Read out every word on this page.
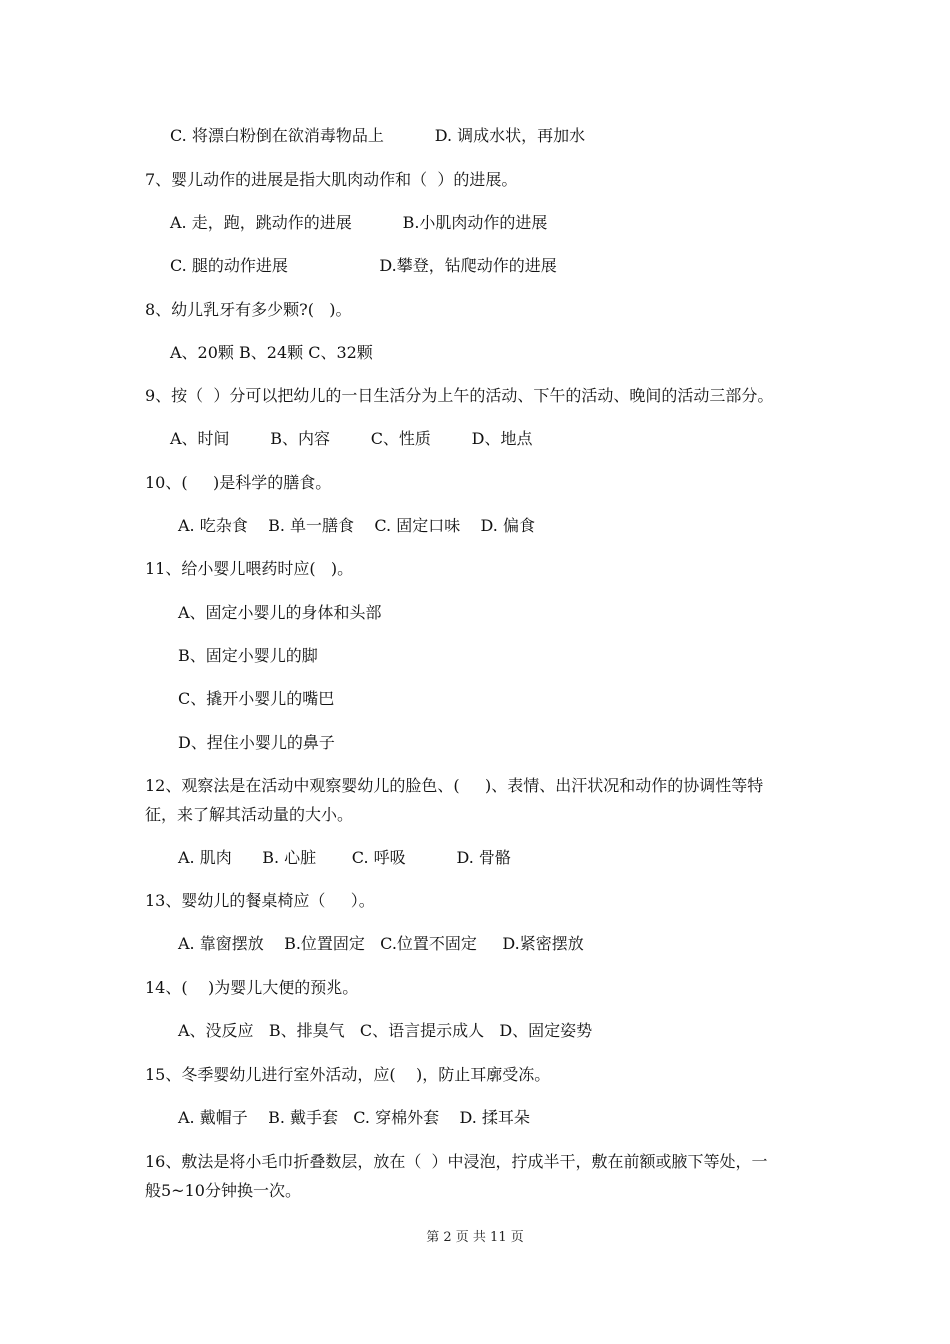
C. 将漂白粉倒在欲消毒物品上          D. 调成水状，再加水
7、婴儿动作的进展是指大肌肉动作和（  ）的进展。
A. 走，跑，跳动作的进展          B.小肌肉动作的进展
C. 腿的动作进展                  D.攀登，钻爬动作的进展
8、幼儿乳牙有多少颗?(   )。
A、20颗 B、24颗 C、32颗
9、按（  ）分可以把幼儿的一日生活分为上午的活动、下午的活动、晚间的活动三部分。
A、时间        B、内容        C、性质        D、地点
10、(     )是科学的膳食。
A. 吃杂食    B. 单一膳食    C. 固定口味    D. 偏食
11、给小婴儿喂药时应(   )。
A、固定小婴儿的身体和头部
B、固定小婴儿的脚
C、撬开小婴儿的嘴巴
D、捏住小婴儿的鼻子
12、观察法是在活动中观察婴幼儿的脸色、(     )、表情、出汗状况和动作的协调性等特
征，来了解其活动量的大小。
A. 肌肉      B. 心脏       C. 呼吸          D. 骨骼
13、婴幼儿的餐桌椅应（     ）。
A. 靠窗摆放    B.位置固定   C.位置不固定     D.紧密摆放
14、(    )为婴儿大便的预兆。
A、没反应   B、排臭气   C、语言提示成人   D、固定姿势
15、冬季婴幼儿进行室外活动，应(    )，防止耳廓受冻。
A. 戴帽子    B. 戴手套   C. 穿棉外套    D. 揉耳朵
16、敷法是将小毛巾折叠数层，放在（  ）中浸泡，拧成半干，敷在前额或腋下等处，一
般5~10分钟换一次。
第 2 页 共 11 页
